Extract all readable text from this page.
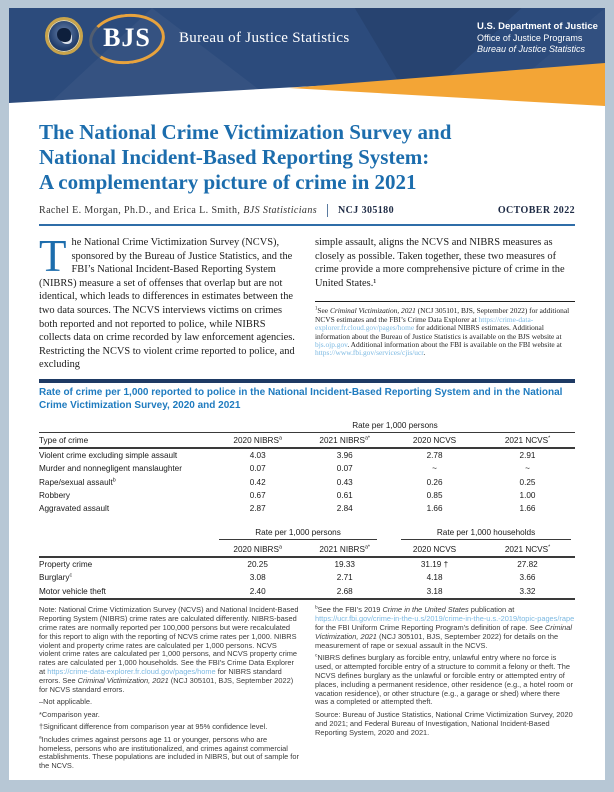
BJS	Bureau of Justice Statistics
U.S. Department of Justice
Office of Justice Programs
Bureau of Justice Statistics
The National Crime Victimization Survey and
National Incident-Based Reporting System:
A complementary picture of crime in 2021
Rachel E. Morgan, Ph.D., and Erica L. Smith, BJS Statisticians NCJ 305180	OCTOBER 2022
The National Crime Victimization Survey (NCVS), sponsored by the Bureau of Justice Statistics, and the FBI’s National Incident-Based Reporting System (NIBRS) measure a set of offenses that overlap but are not identical, which leads to differences in estimates between the two data sources. The NCVS interviews victims on crimes both reported and not reported to police, while NIBRS collects data on crime recorded by law enforcement agencies. Restricting the NCVS to violent crime reported to police, and excluding
simple assault, aligns the NCVS and NIBRS measures as closely as possible. Taken together, these two measures of crime provide a more comprehensive picture of crime in the United States.¹
$^1$See Criminal Victimization, 2021 (NCJ 305101, BJS, September 2022) for additional NCVS estimates and the FBI’s Crime Data Explorer at https://crime-data-explorer.fr.cloud.gov/pages/home for additional NIBRS estimates. Additional information about the Bureau of Justice Statistics is available on the BJS website at bjs.ojp.gov. Additional information about the FBI is available on the FBI website at https://www.fbi.gov/services/cjis/ucr.
Rate of crime per 1,000 reported to police in the National Incident-Based Reporting System and in the National Crime Victimization Survey, 2020 and 2021
	Rate per 1,000 persons			
Type of crime	2020 NIBRS$^a$	2021 $NIBRS^{a*}$	2020 NCVS	2021 NCVS*
Violent crime excluding simple assault	4.03	3.96	2.78	2.91
Murder and nonnegligent manslaughter	0.07	0.07	~	~
Rape/sexual assault$^b$	0.42	0.43	0.26	0.25
Robbery	0.67	0.61	0.85	1.00
Aggravated assault	2.87	2.84	1.66	1.66

	Rate per 1,000 persons		Rate per 1,000 households	

	2020 NIBRS$^a$	2021 $NIBRS^{a*}$	2020 NCVS	2021 NCVS*
Property crime	20.25	19.33	31.19 †	27.82
Burglary$^c$	3.08	2.71	4.18	3.66
Motor vehicle theft	2.40	2.68	3.18	3.32

Note: National Crime Victimization Survey (NCVS) and National Incident-Based Reporting System (NIBRS) crime rates are calculated differently. NIBRS-based crime rates are normally reported per 100,000 persons but were recalculated for this report to align with the reporting of NCVS crime rates per 1,000. NIBRS violent and property crime rates are calculated per 1,000 persons. NCVS violent crime rates are calculated per 1,000 persons, and NCVS property crime rates are calculated per 1,000 households. See the FBI’s Crime Data Explorer at https://crime-data-explorer.fr.cloud.gov/pages/home for NIBRS standard errors. See Criminal Victimization, 2021 (NCJ 305101, BJS, September 2022) for NCVS standard errors.

–Not applicable.

*Comparison year.

†Significant difference from comparison year at 95% confidence level.

$^a$Includes crimes against persons age 11 or younger, persons who are homeless, persons who are institutionalized, and crimes against commercial establishments. These populations are included in NIBRS, but out of sample for the NCVS.

$^b$See the FBI’s 2019 Crime in the United States publication at https://ucr.fbi.gov/crime-in-the-u.s/2019/crime-in-the-u.s.-2019/topic-pages/rape for the FBI Uniform Crime Reporting Program’s definition of rape. See Criminal Victimization, 2021 (NCJ 305101, BJS, September 2022) for details on the measurement of rape or sexual assault in the NCVS.

$^c$NIBRS defines burglary as forcible entry, unlawful entry where no force is used, or attempted forcible entry of a structure to commit a felony or theft. The NCVS defines burglary as the unlawful or forcible entry or attempted entry of places, including a permanent residence, other residence (e.g., a hotel room or vacation residence), or other structure (e.g., a garage or shed) where there was a completed or attempted theft.

Source: Bureau of Justice Statistics, National Crime Victimization Survey, 2020 and 2021; and Federal Bureau of Investigation, National Incident-Based Reporting System, 2020 and 2021.
